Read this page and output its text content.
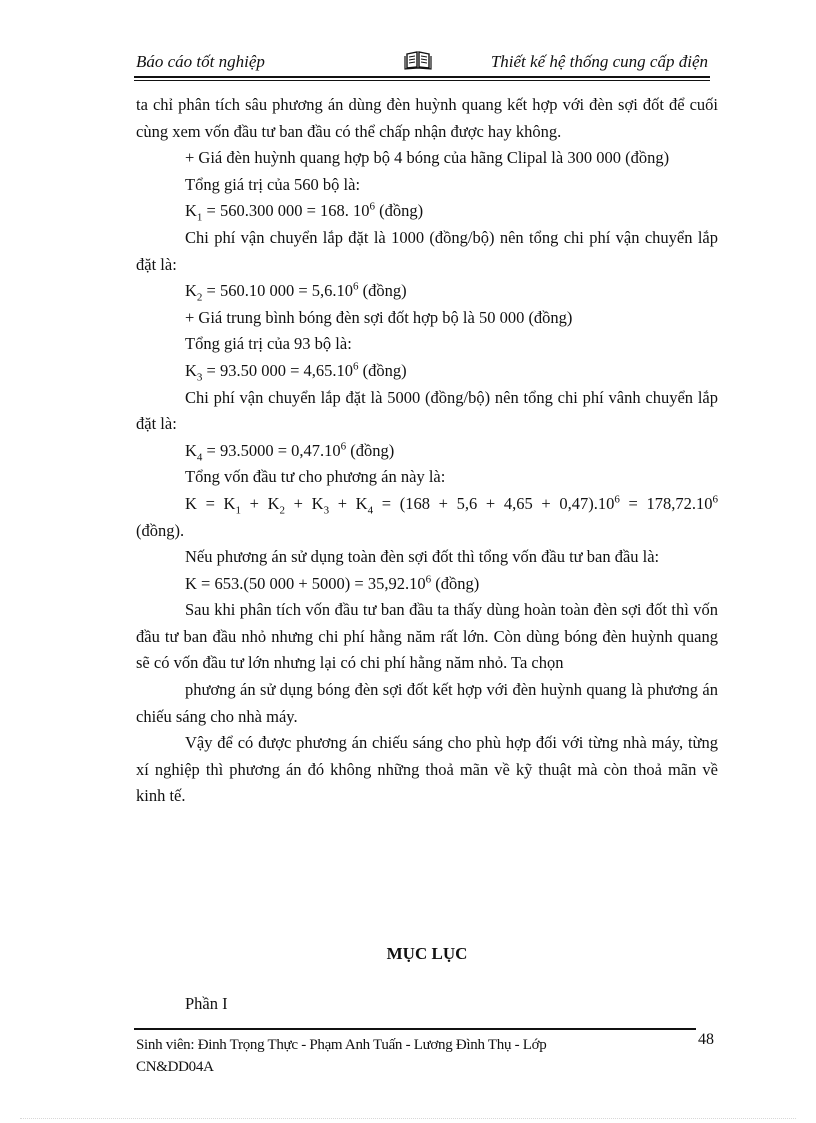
Báo cáo tốt nghiệp	Thiết kế hệ thống cung cấp điện

ta chỉ phân tích sâu phương án dùng đèn huỳnh quang kết hợp với đèn sợi đốt để cuối cùng xem vốn đầu tư ban đầu có thể chấp nhận được hay không.

+ Giá đèn huỳnh quang hợp bộ 4 bóng của hãng Clipal là 300 000 (đồng)

Tổng giá trị của 560 bộ là:

$K_1 = 560.300$ 000 = 168. $10^6$ (đồng)

Chi phí vận chuyển lắp đặt là 1000 (đồng/bộ) nên tổng chi phí vận chuyển lắp đặt là:

$K_2 = 560.10$ $000 = 5,6.10^6$ (đồng)

+ Giá trung bình bóng đèn sợi đốt hợp bộ là 50 000 (đồng)

Tổng giá trị của 93 bộ là:

$K_3 = 93.50$ $000 = 4,65.10^6$ (đồng)

Chi phí vận chuyển lắp đặt là 5000 (đồng/bộ) nên tổng chi phí vânh chuyển lắp đặt là:

$K_4 = 93.5000 = 0,47.10^6$ (đồng)

Tổng vốn đầu tư cho phương án này là:

$K = K_1 + K_2 + K_3 + K_4 = (168 + 5,6 + 4,65 + 0,47).10^6 = 178,72.10^6$

(đồng).

Nếu phương án sử dụng toàn đèn sợi đốt thì tổng vốn đầu tư ban đầu là:

K = 653.(50 $000 + 5000) = 35,92.10^6$ (đồng)

Sau khi phân tích vốn đầu tư ban đầu ta thấy dùng hoàn toàn đèn sợi đốt thì vốn đầu tư ban đầu nhỏ nhưng chi phí hằng năm rất lớn. Còn dùng bóng đèn huỳnh quang sẽ có vốn đầu tư lớn nhưng lại có chi phí hằng năm nhỏ. Ta chọn

phương án sử dụng bóng đèn sợi đốt kết hợp với đèn huỳnh quang là phương án chiếu sáng cho nhà máy.

Vậy để có được phương án chiếu sáng cho phù hợp đối với từng nhà máy, từng xí nghiệp thì phương án đó không những thoả mãn về kỹ thuật mà còn thoả mãn về kinh tế.

MỤC LỤC
Phần I
Sinh viên: Đinh Trọng Thực - Phạm Anh Tuấn - Lương Đình Thụ - Lớp CN&DD04A
48
